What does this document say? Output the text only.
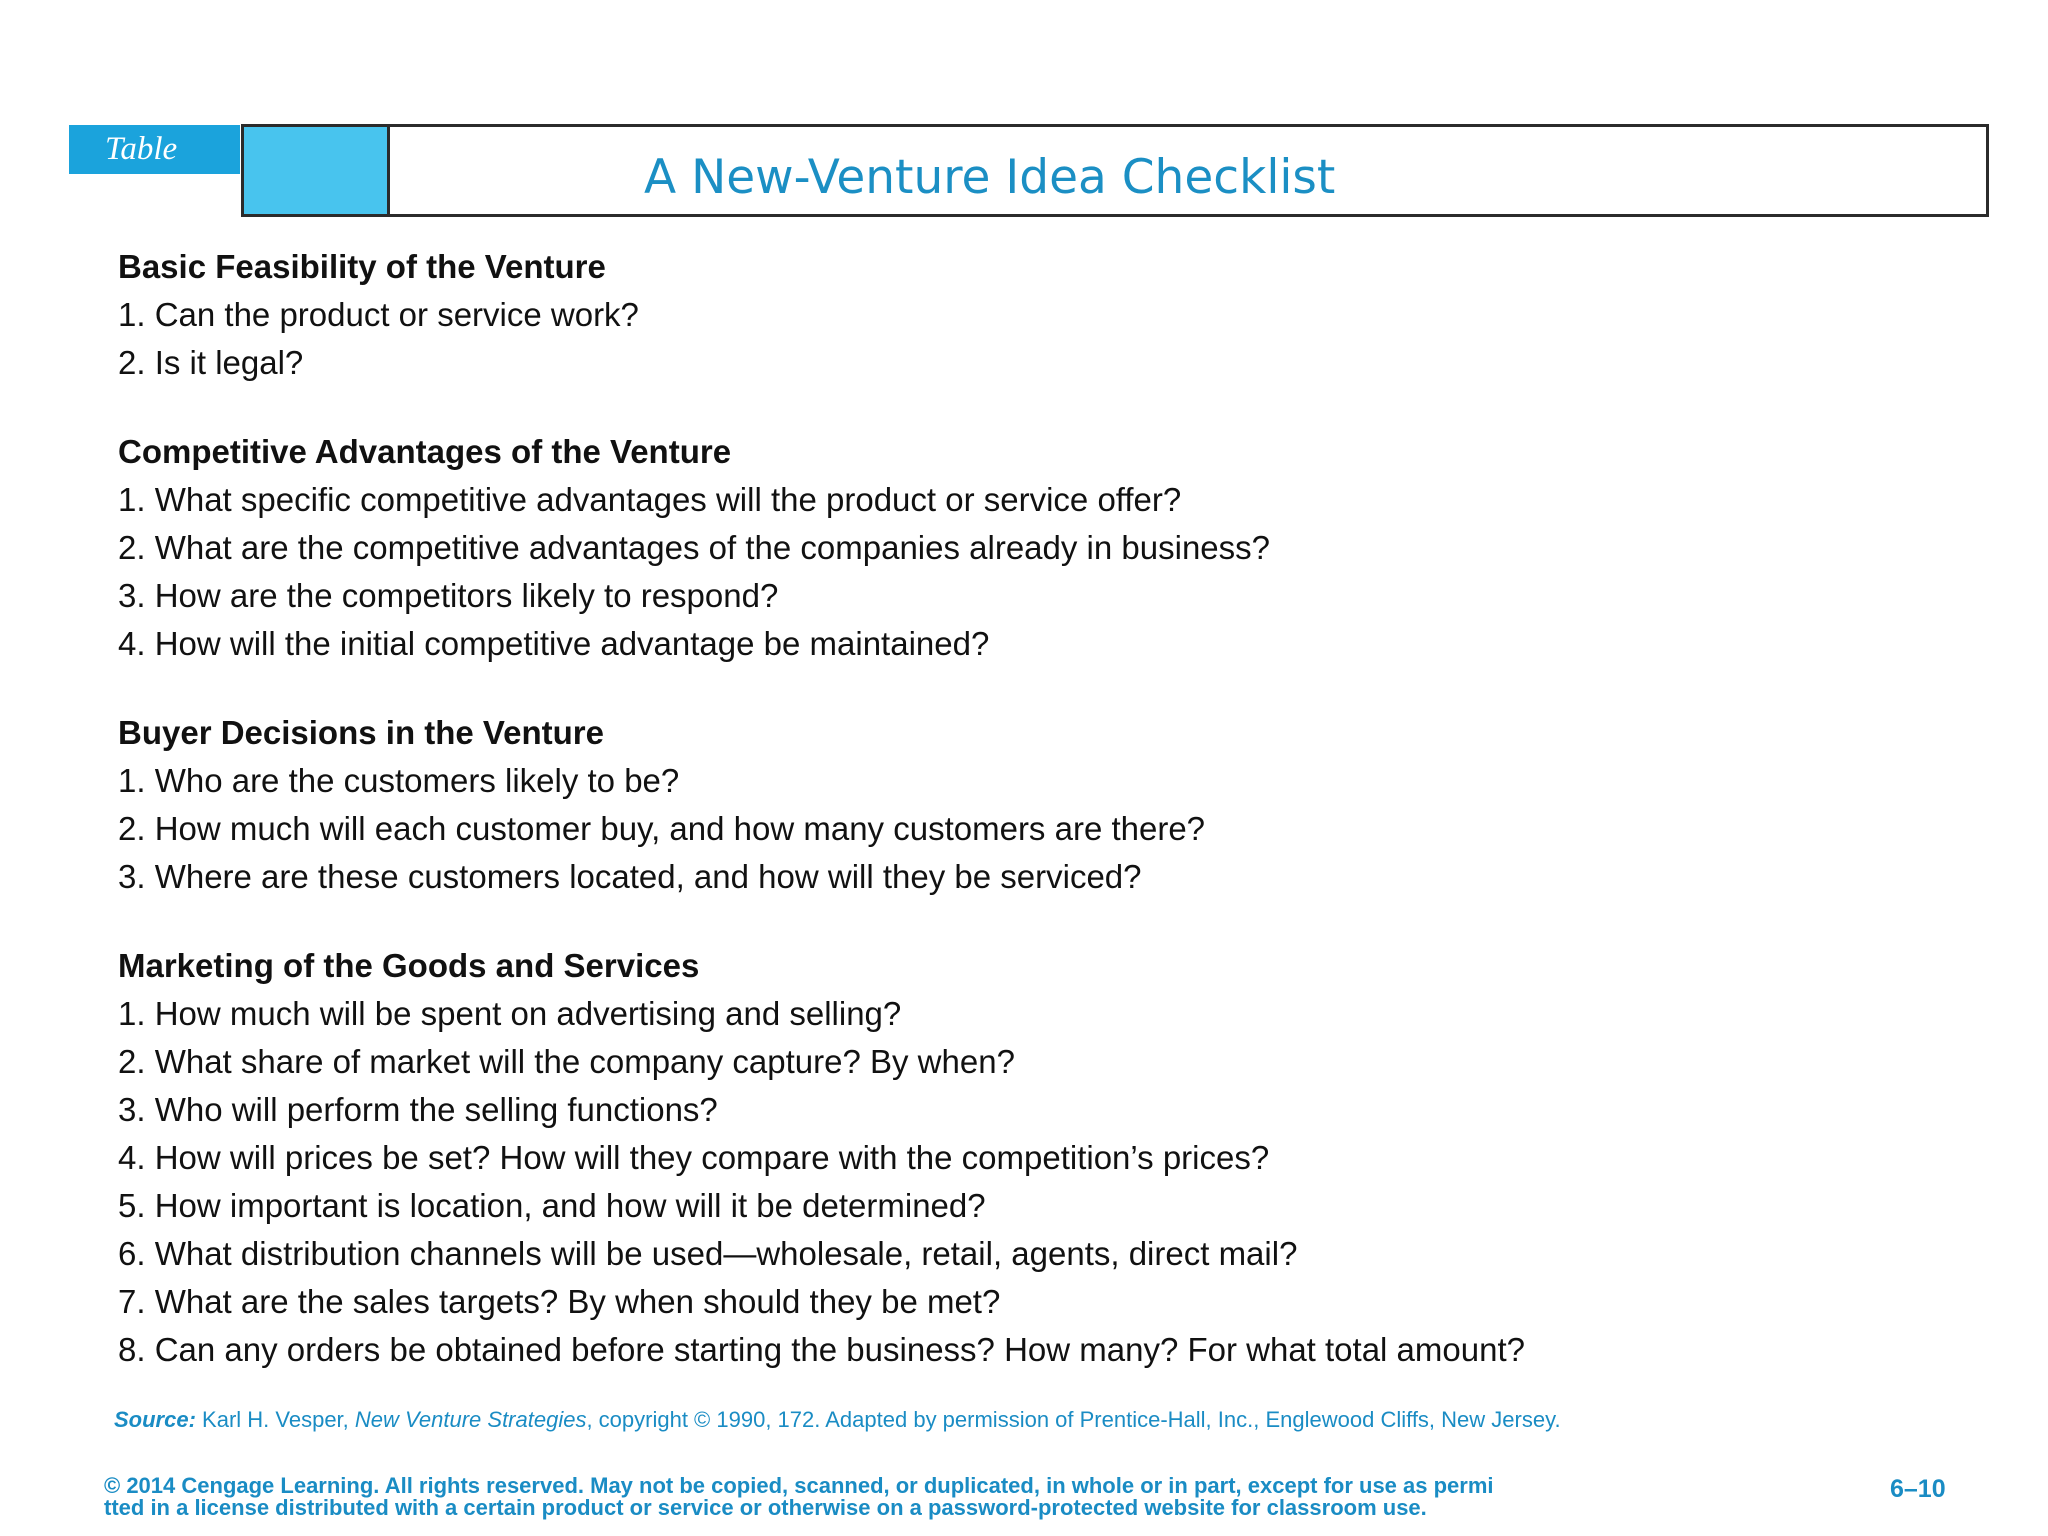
Table
A New-Venture Idea Checklist
Basic Feasibility of the Venture
1. Can the product or service work?
2. Is it legal?
Competitive Advantages of the Venture
1. What specific competitive advantages will the product or service offer?
2. What are the competitive advantages of the companies already in business?
3. How are the competitors likely to respond?
4. How will the initial competitive advantage be maintained?
Buyer Decisions in the Venture
1. Who are the customers likely to be?
2. How much will each customer buy, and how many customers are there?
3. Where are these customers located, and how will they be serviced?
Marketing of the Goods and Services
1. How much will be spent on advertising and selling?
2. What share of market will the company capture? By when?
3. Who will perform the selling functions?
4. How will prices be set? How will they compare with the competition’s prices?
5. How important is location, and how will it be determined?
6. What distribution channels will be used—wholesale, retail, agents, direct mail?
7. What are the sales targets? By when should they be met?
8. Can any orders be obtained before starting the business? How many? For what total amount?
Source: Karl H. Vesper, New Venture Strategies, copyright © 1990, 172. Adapted by permission of Prentice-Hall, Inc., Englewood Cliffs, New Jersey.
© 2014 Cengage Learning. All rights reserved. May not be copied, scanned, or duplicated, in whole or in part, except for use as permi
tted in a license distributed with a certain product or service or otherwise on a password-protected website for classroom use.
6–10
